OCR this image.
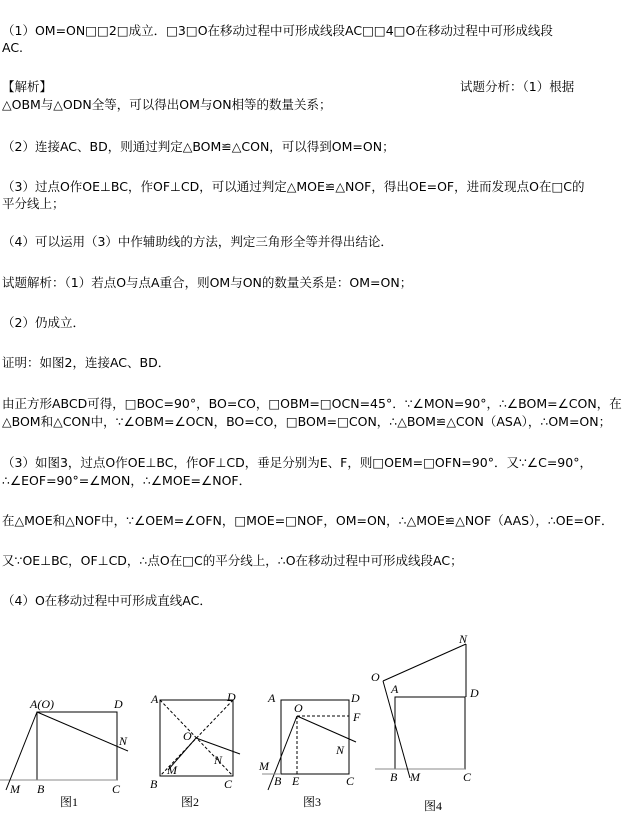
（1）OM=ON□□2□成立．□3□O在移动过程中可形成线段AC□□4□O在移动过程中可形成线段
AC.
【解析】	试题分析：（1）根据
△OBM与△ODN全等，可以得出OM与ON相等的数量关系；
（2）连接AC、BD，则通过判定△BOM≌△CON，可以得到OM=ON；
（3）过点O作OE⊥BC，作OF⊥CD，可以通过判定△MOE≌△NOF，得出OE=OF，进而发现点O在□C的
平分线上；
（4）可以运用（3）中作辅助线的方法，判定三角形全等并得出结论．
试题解析：（1）若点O与点A重合，则OM与ON的数量关系是：OM=ON；
（2）仍成立．
证明：如图2，连接AC、BD．
由正方形ABCD可得，□BOC=90°，BO=CO，□OBM=□OCN=45°．∵∠MON=90°，∴∠BOM=∠CON，在
△BOM和△CON中，∵∠OBM=∠OCN，BO=CO，□BOM=□CON，∴△BOM≌△CON（ASA），∴OM=ON；
（3）如图3，过点O作OE⊥BC，作OF⊥CD，垂足分别为E、F，则□OEM=□OFN=90°．又∵∠C=90°，
∴∠EOF=90°=∠MON，∴∠MOE=∠NOF．
在△MOE和△NOF中，∵∠OEM=∠OFN，□MOE=□NOF，OM=ON，∴△MOE≌△NOF（AAS），∴OE=OF．
又∵OE⊥BC，OF⊥CD，∴点O在□C的平分线上，∴O在移动过程中可形成线段AC；
（4）O在移动过程中可形成直线AC．
A(O)	D
N
M B	C
图1
A	D
O
M
N
B	C
图2
A	D
O
F
N
M
B E	C
图3
N
O
A	D
B M	C
图4
